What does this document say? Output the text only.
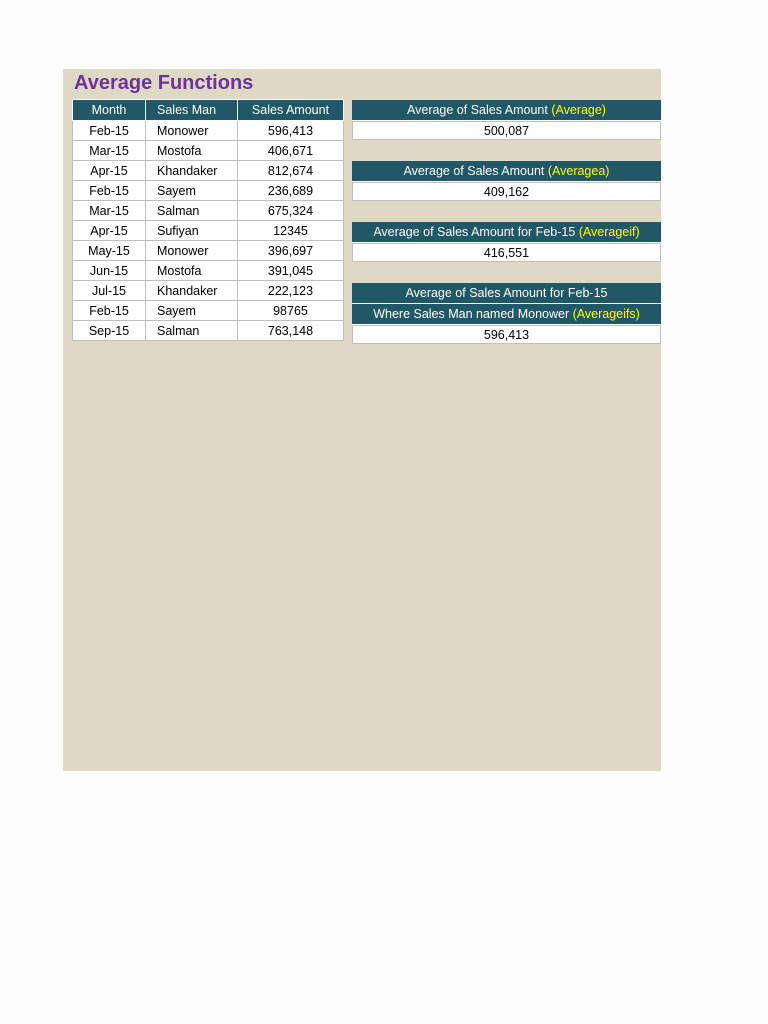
Average Functions
Month	Sales Man	Sales Amount
Feb-15	Monower	596,413
Mar-15	Mostofa	406,671
Apr-15	Khandaker	812,674
Feb-15	Sayem	236,689
Mar-15	Salman	675,324
Apr-15	Sufiyan	12345
May-15	Monower	396,697
Jun-15	Mostofa	391,045
Jul-15	Khandaker	222,123
Feb-15	Sayem	98765
Sep-15	Salman	763,148
Average of Sales Amount (Average)
500,087
Average of Sales Amount (Averagea)
409,162
Average of Sales Amount for Feb-15 (Averageif)
416,551
Average of Sales Amount for Feb-15
Where Sales Man named Monower (Averageifs)
596,413
